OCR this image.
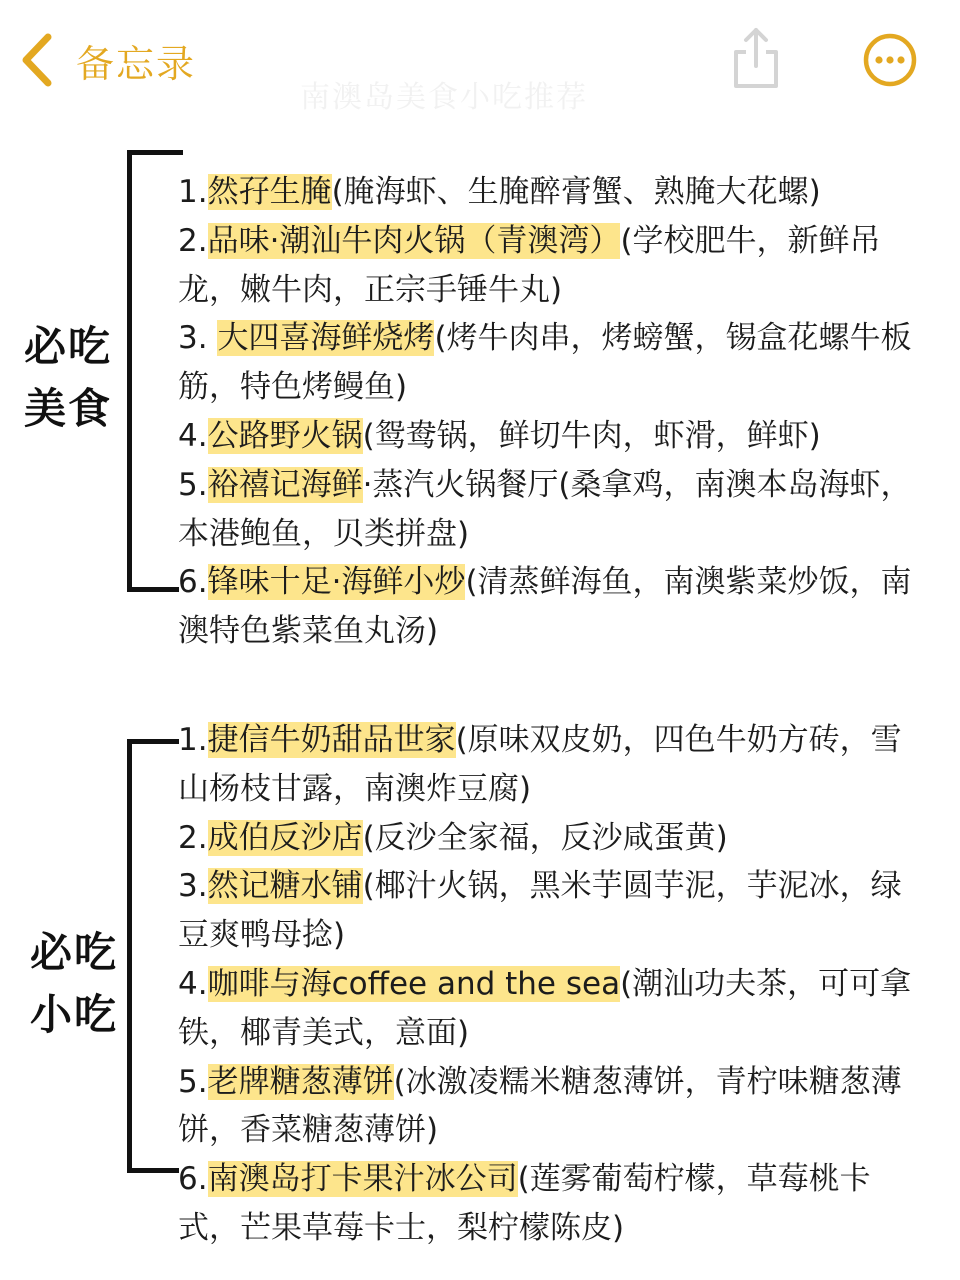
备忘录
南澳岛美食小吃推荐
必吃
美食
1.然孖生腌(腌海虾、生腌醉膏蟹、熟腌大花螺)
2.品味·潮汕牛肉火锅（青澳湾）(学校肥牛，新鲜吊龙，嫩牛肉，正宗手锤牛丸)
3. 大四喜海鲜烧烤(烤牛肉串，烤螃蟹，锡盒花螺牛板筋，特色烤鳗鱼)
4.公路野火锅(鸳鸯锅，鲜切牛肉，虾滑，鲜虾)
5.裕禧记海鲜·蒸汽火锅餐厅(桑拿鸡，南澳本岛海虾，本港鲍鱼，贝类拼盘)
6.锋味十足·海鲜小炒(清蒸鲜海鱼，南澳紫菜炒饭，南澳特色紫菜鱼丸汤)
必吃
小吃
1.捷信牛奶甜品世家(原味双皮奶，四色牛奶方砖，雪山杨枝甘露，南澳炸豆腐)
2.成伯反沙店(反沙全家福，反沙咸蛋黄)
3.然记糖水铺(椰汁火锅，黑米芋圆芋泥，芋泥冰，绿豆爽鸭母捻)
4.咖啡与海coffee and the sea(潮汕功夫茶，可可拿铁，椰青美式，意面)
5.老牌糖葱薄饼(冰激凌糯米糖葱薄饼，青柠味糖葱薄饼，香菜糖葱薄饼)
6.南澳岛打卡果汁冰公司(莲雾葡萄柠檬，草莓桃卡式，芒果草莓卡士，梨柠檬陈皮)
